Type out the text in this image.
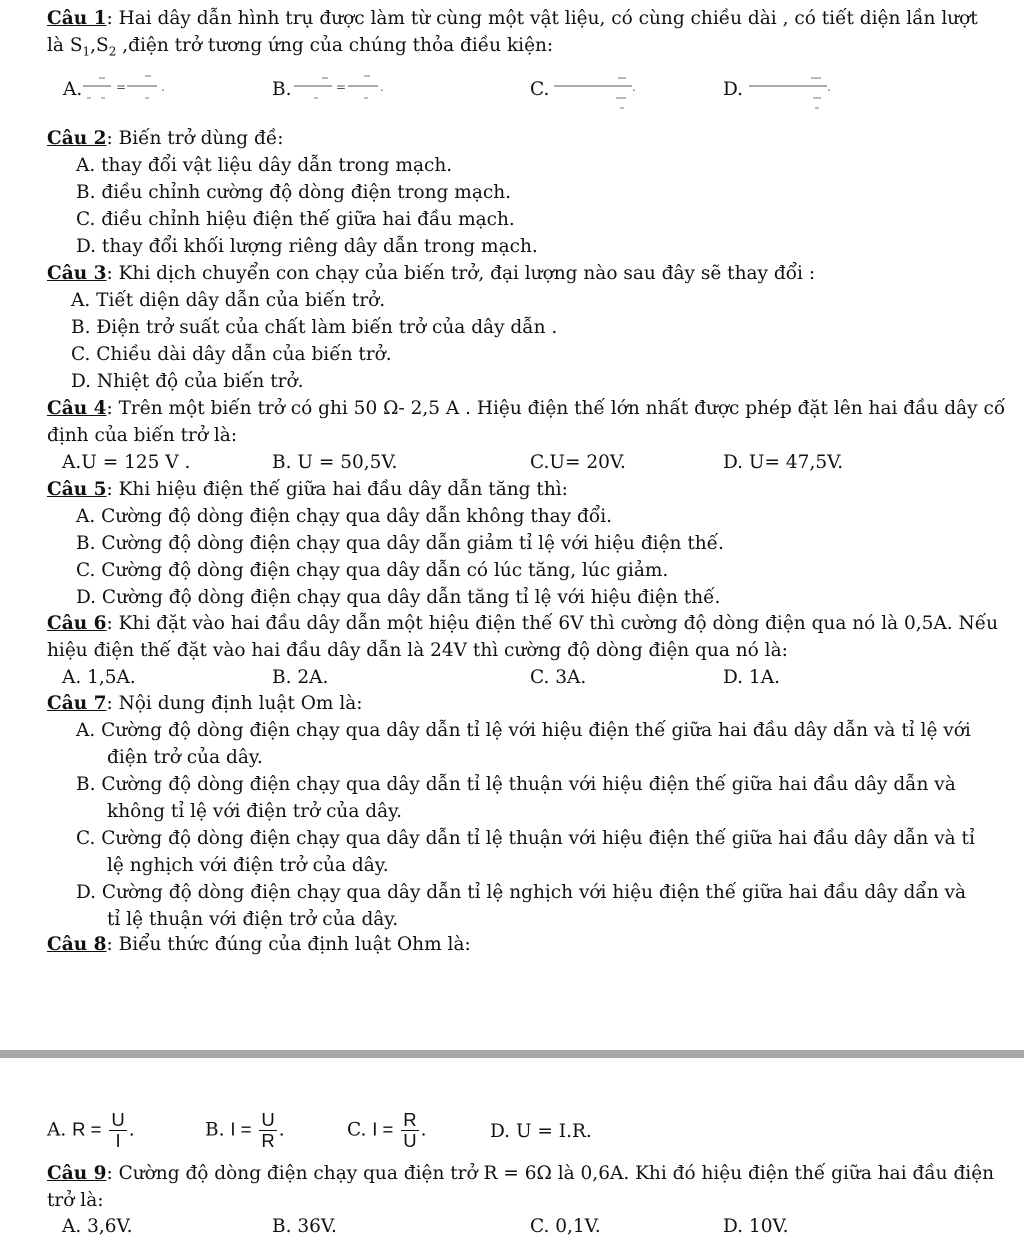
Câu 1: Hai dây dẫn hình trụ được làm từ cùng một vật liệu, có cùng chiều dài , có tiết diện lần lượt
là $S_1,S_2$ ,điện trở tương ứng của chúng thỏa điều kiện:
A.	=	.	B.	=	.	C.	.	D.	.
Câu 2: Biến trở dùng đề:
A. thay đổi vật liệu dây dẫn trong mạch.
B. điều chỉnh cường độ dòng điện trong mạch.
C. điều chỉnh hiệu điện thế giữa hai đầu mạch.
D. thay đổi khối lượng riêng dây dẫn trong mạch.
Câu 3: Khi dịch chuyển con chạy của biến trở, đại lượng nào sau đây sẽ thay đổi :
A. Tiết diện dây dẫn của biến trở.
B. Điện trở suất của chất làm biến trở của dây dẫn .
C. Chiều dài dây dẫn của biến trở.
D. Nhiệt độ của biến trở.
Câu 4: Trên một biến trở có ghi 50 Ω- 2,5 A . Hiệu điện thế lớn nhất được phép đặt lên hai đầu dây cố
định của biến trở là:
A.U = 125 V .	B. U = 50,5V.	C.U= 20V.	D. U= 47,5V.
Câu 5: Khi hiệu điện thế giữa hai đầu dây dẫn tăng thì:
A. Cường độ dòng điện chạy qua dây dẫn không thay đổi.
B. Cường độ dòng điện chạy qua dây dẫn giảm tỉ lệ với hiệu điện thế.
C. Cường độ dòng điện chạy qua dây dẫn có lúc tăng, lúc giảm.
D. Cường độ dòng điện chạy qua dây dẫn tăng tỉ lệ với hiệu điện thế.
Câu 6: Khi đặt vào hai đầu dây dẫn một hiệu điện thế 6V thì cường độ dòng điện qua nó là 0,5A. Nếu
hiệu điện thế đặt vào hai đầu dây dẫn là 24V thì cường độ dòng điện qua nó là:
A. 1,5A.	B. 2A.	C. 3A.	D. 1A.
Câu 7: Nội dung định luật Om là:
A. Cường độ dòng điện chạy qua dây dẫn tỉ lệ với hiệu điện thế giữa hai đầu dây dẫn và tỉ lệ với
điện trở của dây.
B. Cường độ dòng điện chạy qua dây dẫn tỉ lệ thuận với hiệu điện thế giữa hai đầu dây dẫn và
không tỉ lệ với điện trở của dây.
C. Cường độ dòng điện chạy qua dây dẫn tỉ lệ thuận với hiệu điện thế giữa hai đầu dây dẫn và tỉ
lệ nghịch với điện trở của dây.
D. Cường độ dòng điện chạy qua dây dẫn tỉ lệ nghịch với hiệu điện thế giữa hai đầu dây dẩn và
tỉ lệ thuận với điện trở của dây.
Câu 8: Biểu thức đúng của định luật Ohm là:
A. $R = \frac{U}{I}$ .	B. $I = \frac{U}{R}$ .	C. $I = \frac{R}{U}$ .	D. U = I.R.
Câu 9: Cường độ dòng điện chạy qua điện trở R = 6Ω là 0,6A. Khi đó hiệu điện thế giữa hai đầu điện
trở là:
A. 3,6V.	B. 36V.	C. 0,1V.	D. 10V.
